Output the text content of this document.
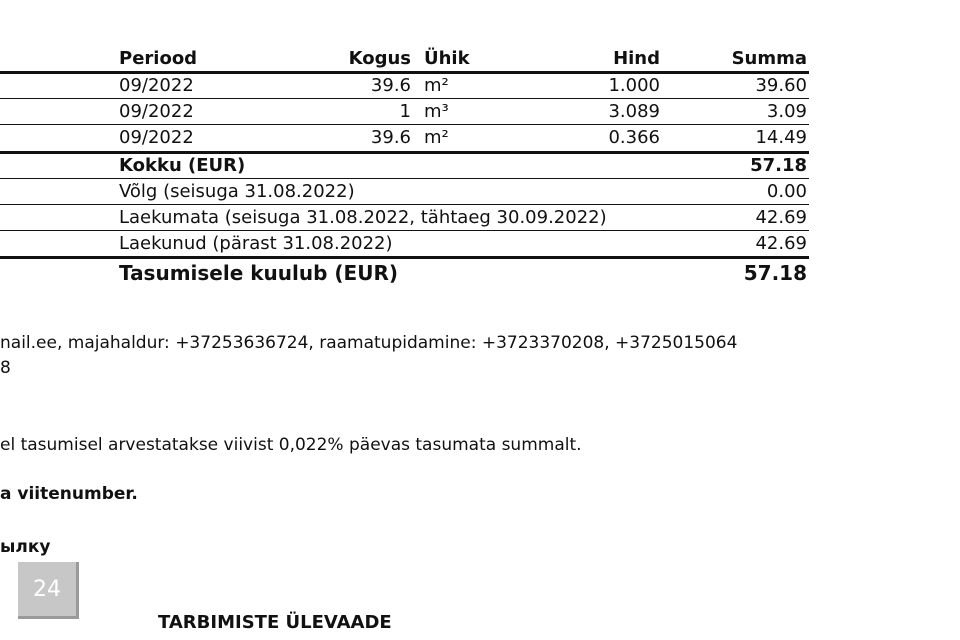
Periood	Kogus Ühik	Hind	Summa
09/2022	39.6 m²	1.000	39.60
09/2022	1 m³	3.089	3.09
09/2022	39.6 m²	0.366	14.49
Kokku (EUR)	57.18
Võlg (seisuga 31.08.2022)	0.00
Laekumata (seisuga 31.08.2022, tähtaeg 30.09.2022)	42.69
Laekunud (pärast 31.08.2022)	42.69
Tasumisele kuulub (EUR)	57.18
nail.ee, majahaldur: +37253636724, raamatupidamine: +3723370208, +3725015064
8
el tasumisel arvestatakse viivist 0,022% päevas tasumata summalt.
a viitenumber.
ылку
24
TARBIMISTE ÜLEVAADE
